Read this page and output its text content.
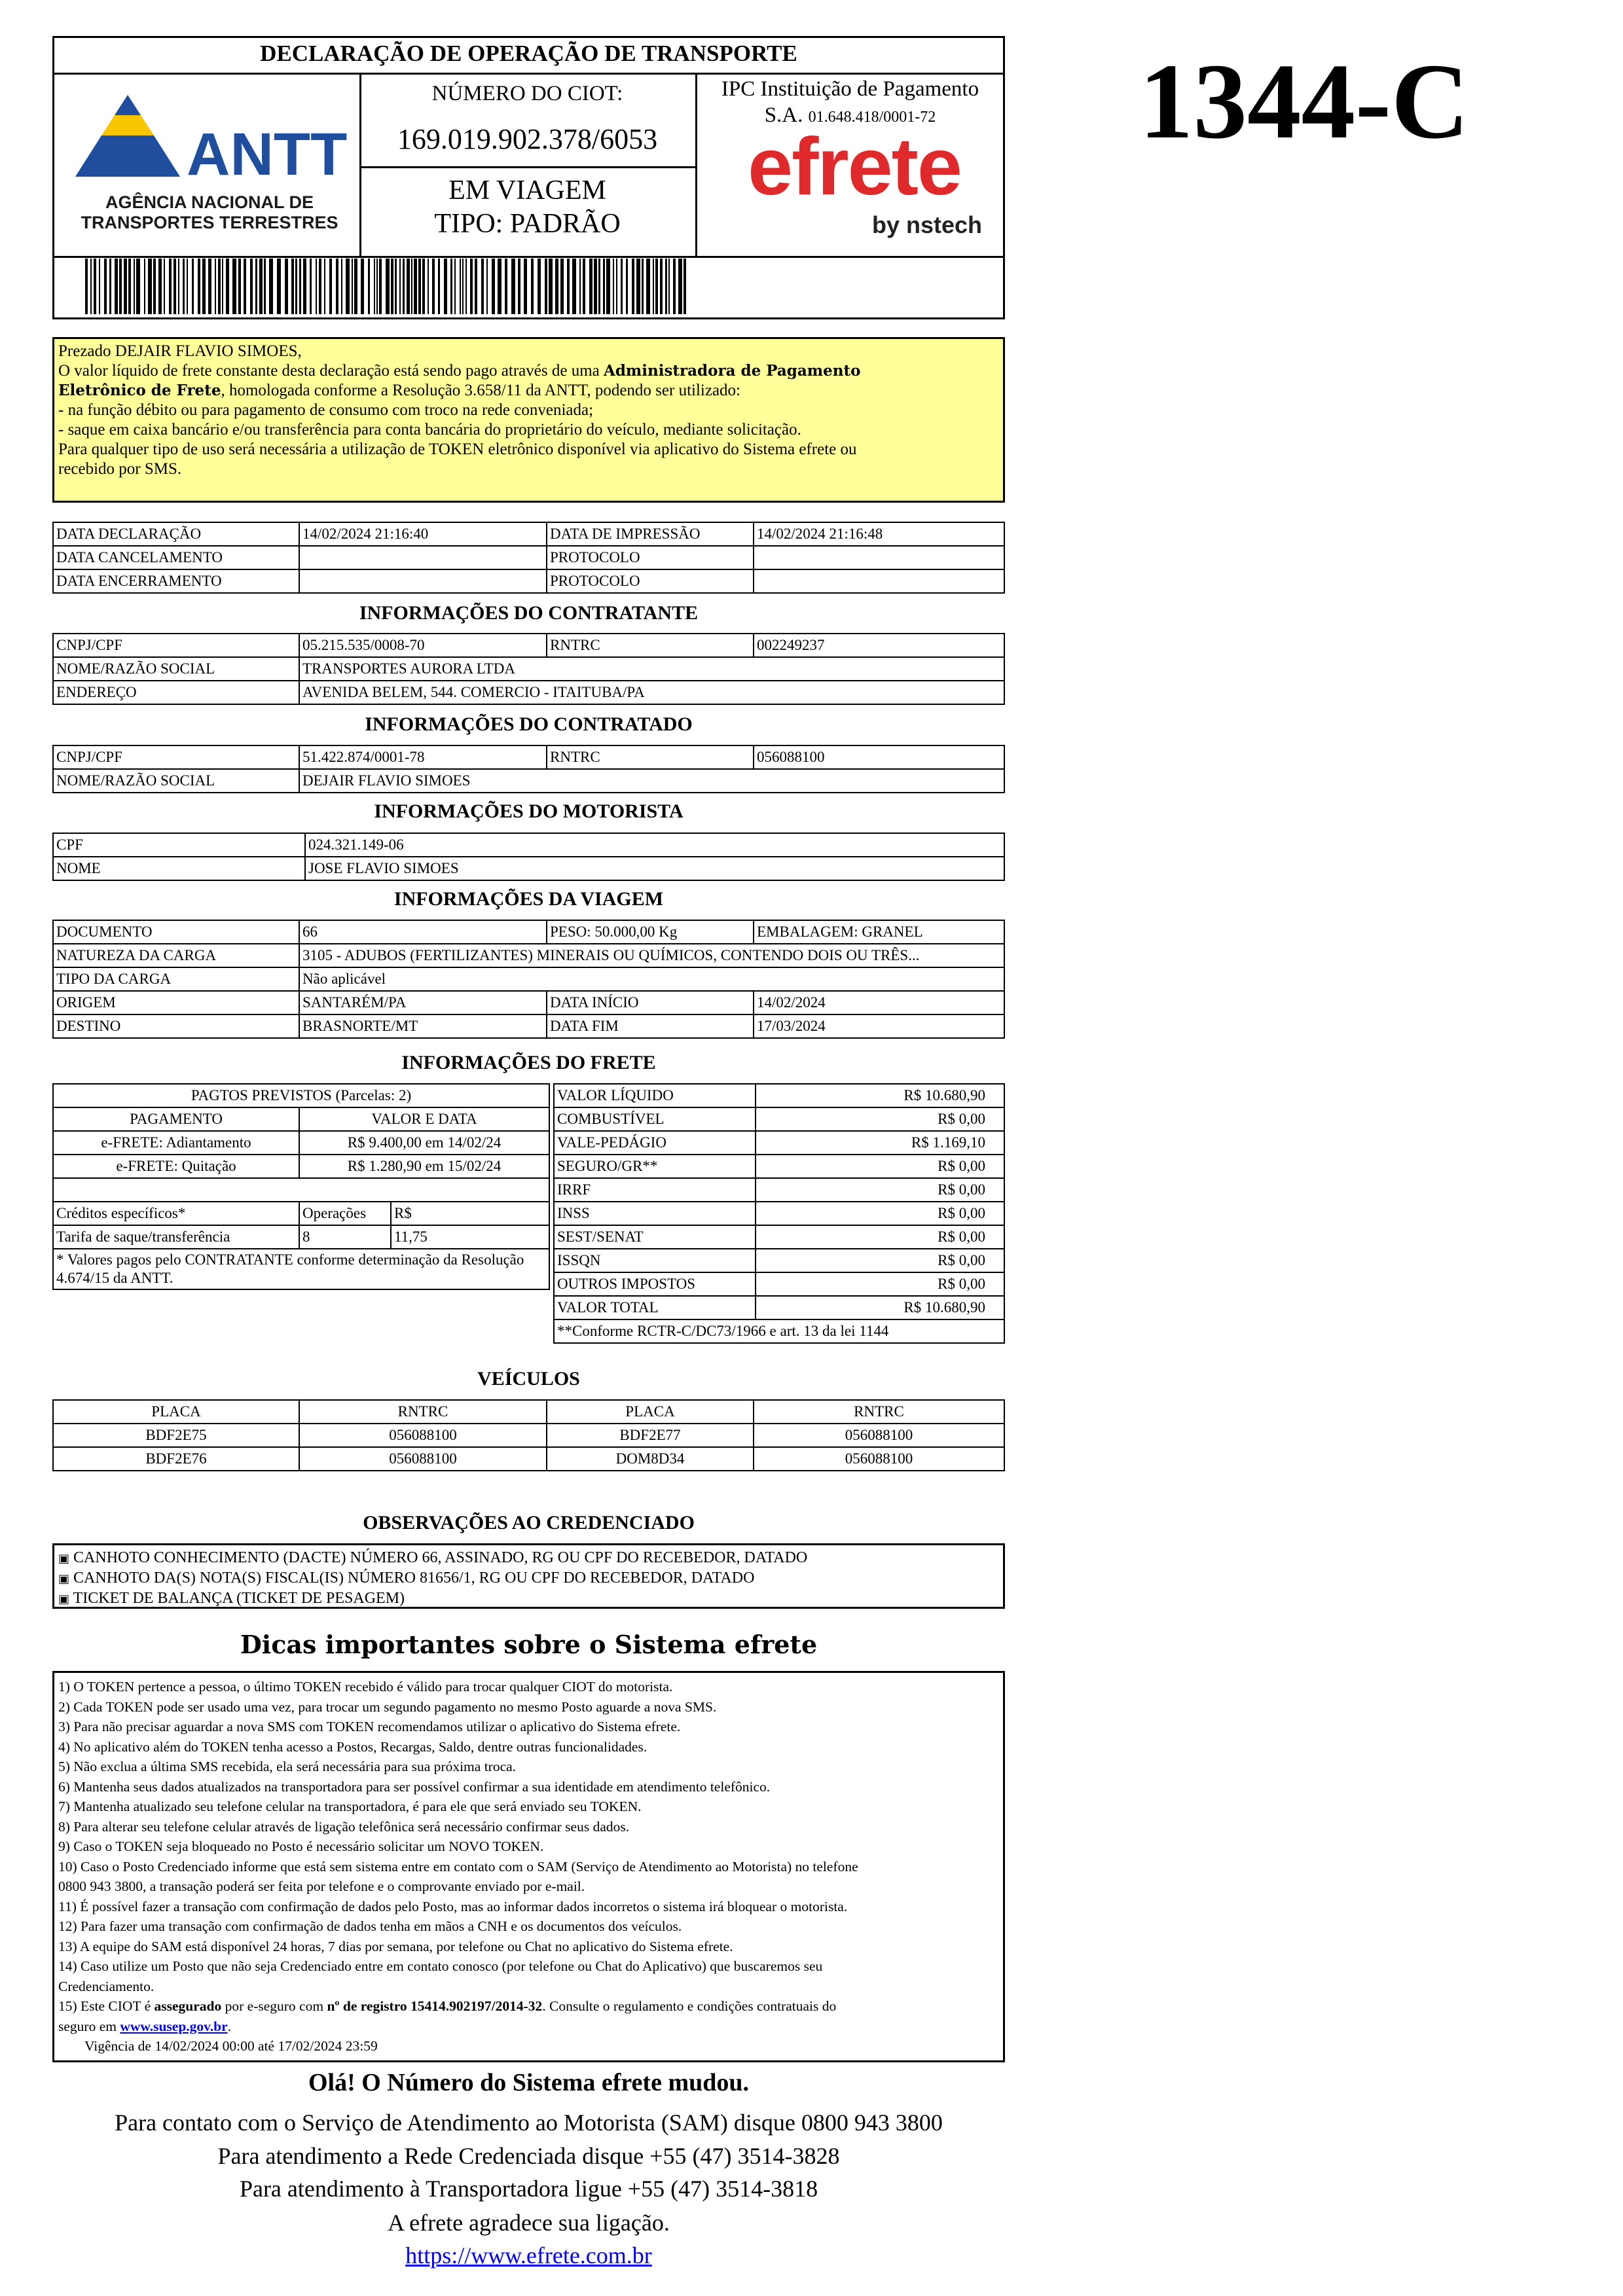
DECLARAÇÃO DE OPERAÇÃO DE TRANSPORTE
ANTT
AGÊNCIA NACIONAL DE
TRANSPORTES TERRESTRES
NÚMERO DO CIOT:
169.019.902.378/6053
EM VIAGEM
TIPO: PADRÃO
IPC Instituição de Pagamento
S.A. 01.648.418/0001-72
efrete
by nstech
1344-C
Prezado DEJAIR FLAVIO SIMOES,
O valor líquido de frete constante desta declaração está sendo pago através de uma Administradora de Pagamento
Eletrônico de Frete, homologada conforme a Resolução 3.658/11 da ANTT, podendo ser utilizado:
- na função débito ou para pagamento de consumo com troco na rede conveniada;
- saque em caixa bancário e/ou transferência para conta bancária do proprietário do veículo, mediante solicitação.
Para qualquer tipo de uso será necessária a utilização de TOKEN eletrônico disponível via aplicativo do Sistema efrete ou
recebido por SMS.
DATA DECLARAÇÃO	14/02/2024 21:16:40	DATA DE IMPRESSÃO	14/02/2024 21:16:48
DATA CANCELAMENTO		PROTOCOLO	
DATA ENCERRAMENTO		PROTOCOLO	
INFORMAÇÕES DO CONTRATANTE
CNPJ/CPF	05.215.535/0008-70	RNTRC	002249237
NOME/RAZÃO SOCIAL	TRANSPORTES AURORA LTDA		
ENDEREÇO	AVENIDA BELEM, 544. COMERCIO - ITAITUBA/PA		
INFORMAÇÕES DO CONTRATADO
CNPJ/CPF	51.422.874/0001-78	RNTRC	056088100
NOME/RAZÃO SOCIAL	DEJAIR FLAVIO SIMOES		
INFORMAÇÕES DO MOTORISTA
CPF	024.321.149-06
NOME	JOSE FLAVIO SIMOES
INFORMAÇÕES DA VIAGEM
DOCUMENTO	66	PESO: 50.000,00 Kg	EMBALAGEM: GRANEL
NATUREZA DA CARGA	3105 - ADUBOS (FERTILIZANTES) MINERAIS OU QUÍMICOS, CONTENDO DOIS OU TRÊS...		
TIPO DA CARGA	Não aplicável		
ORIGEM	SANTARÉM/PA	DATA INÍCIO	14/02/2024
DESTINO	BRASNORTE/MT	DATA FIM	17/03/2024
INFORMAÇÕES DO FRETE
PAGTOS PREVISTOS (Parcelas: 2)		
PAGAMENTO	VALOR E DATA	
e-FRETE: Adiantamento	R$ 9.400,00 em 14/02/24	
e-FRETE: Quitação	R$ 1.280,90 em 15/02/24	

Créditos específicos*	Operações	R$
Tarifa de saque/transferência	8	11,75
* Valores pagos pelo CONTRATANTE conforme determinação da Resolução 4.674/15 da ANTT.		
VALOR LÍQUIDO	R$ 10.680,90
COMBUSTÍVEL	R$ 0,00
VALE-PEDÁGIO	R$ 1.169,10
SEGURO/GR**	R$ 0,00
IRRF	R$ 0,00
INSS	R$ 0,00
SEST/SENAT	R$ 0,00
ISSQN	R$ 0,00
OUTROS IMPOSTOS	R$ 0,00
VALOR TOTAL	R$ 10.680,90
**Conforme RCTR-C/DC73/1966 e art. 13 da lei 1144	
VEÍCULOS
PLACA	RNTRC	PLACA	RNTRC
BDF2E75	056088100	BDF2E77	056088100
BDF2E76	056088100	DOM8D34	056088100
OBSERVAÇÕES AO CREDENCIADO
▣ CANHOTO CONHECIMENTO (DACTE) NÚMERO 66, ASSINADO, RG OU CPF DO RECEBEDOR, DATADO
▣ CANHOTO DA(S) NOTA(S) FISCAL(IS) NÚMERO 81656/1, RG OU CPF DO RECEBEDOR, DATADO
▣ TICKET DE BALANÇA (TICKET DE PESAGEM)
Dicas importantes sobre o Sistema efrete
1) O TOKEN pertence a pessoa, o último TOKEN recebido é válido para trocar qualquer CIOT do motorista.
2) Cada TOKEN pode ser usado uma vez, para trocar um segundo pagamento no mesmo Posto aguarde a nova SMS.
3) Para não precisar aguardar a nova SMS com TOKEN recomendamos utilizar o aplicativo do Sistema efrete.
4) No aplicativo além do TOKEN tenha acesso a Postos, Recargas, Saldo, dentre outras funcionalidades.
5) Não exclua a última SMS recebida, ela será necessária para sua próxima troca.
6) Mantenha seus dados atualizados na transportadora para ser possível confirmar a sua identidade em atendimento telefônico.
7) Mantenha atualizado seu telefone celular na transportadora, é para ele que será enviado seu TOKEN.
8) Para alterar seu telefone celular através de ligação telefônica será necessário confirmar seus dados.
9) Caso o TOKEN seja bloqueado no Posto é necessário solicitar um NOVO TOKEN.
10) Caso o Posto Credenciado informe que está sem sistema entre em contato com o SAM (Serviço de Atendimento ao Motorista) no telefone
0800 943 3800, a transação poderá ser feita por telefone e o comprovante enviado por e-mail.
11) É possível fazer a transação com confirmação de dados pelo Posto, mas ao informar dados incorretos o sistema irá bloquear o motorista.
12) Para fazer uma transação com confirmação de dados tenha em mãos a CNH e os documentos dos veículos.
13) A equipe do SAM está disponível 24 horas, 7 dias por semana, por telefone ou Chat no aplicativo do Sistema efrete.
14) Caso utilize um Posto que não seja Credenciado entre em contato conosco (por telefone ou Chat do Aplicativo) que buscaremos seu
Credenciamento.
15) Este CIOT é assegurado por e-seguro com nº de registro 15414.902197/2014-32. Consulte o regulamento e condições contratuais do
seguro em www.susep.gov.br.
Vigência de 14/02/2024 00:00 até 17/02/2024 23:59
Olá! O Número do Sistema efrete mudou.
Para contato com o Serviço de Atendimento ao Motorista (SAM) disque 0800 943 3800
Para atendimento a Rede Credenciada disque +55 (47) 3514-3828
Para atendimento à Transportadora ligue +55 (47) 3514-3818
A efrete agradece sua ligação.
https://www.efrete.com.br
